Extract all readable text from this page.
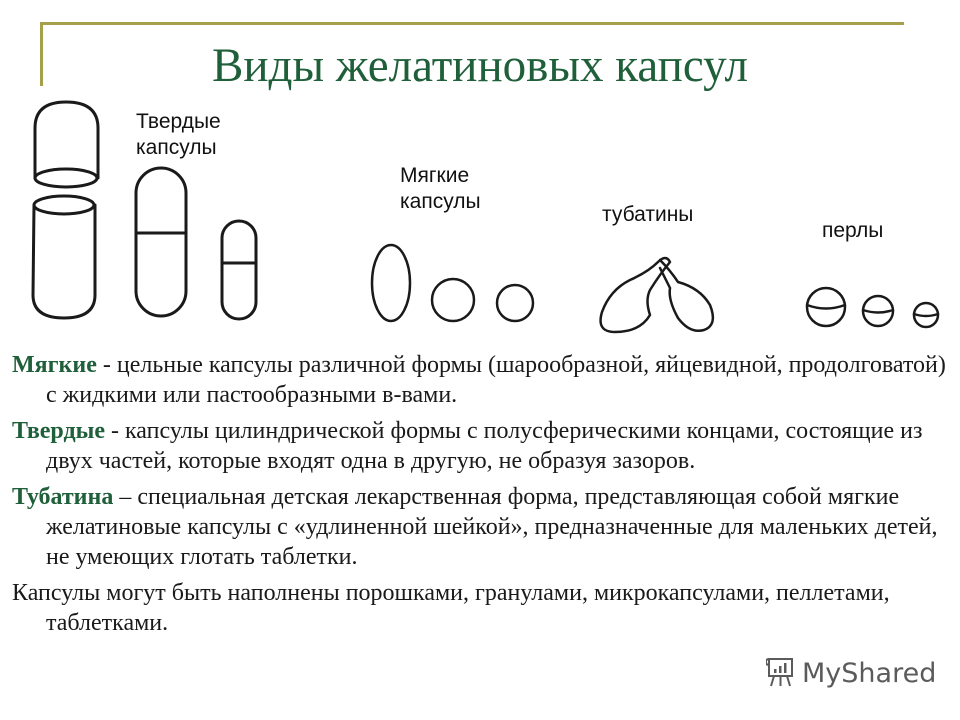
Виды желатиновых капсул
Твердые
капсулы
Мягкие
капсулы
тубатины
перлы

Мягкие - цельные капсулы различной формы (шарообразной, яйцевидной, продолговатой) с жидкими или пастообразными в-вами.

Твердые - капсулы цилиндрической формы с полусферическими концами, состоящие из двух частей, которые входят одна в другую, не образуя зазоров.

Тубатина – специальная детская лекарственная форма, представляющая собой мягкие желатиновые капсулы с «удлиненной шейкой», предназначенные для маленьких детей, не умеющих глотать таблетки.

Капсулы могут быть наполнены порошками, гранулами, микрокапсулами, пеллетами, таблетками.

MyShared
